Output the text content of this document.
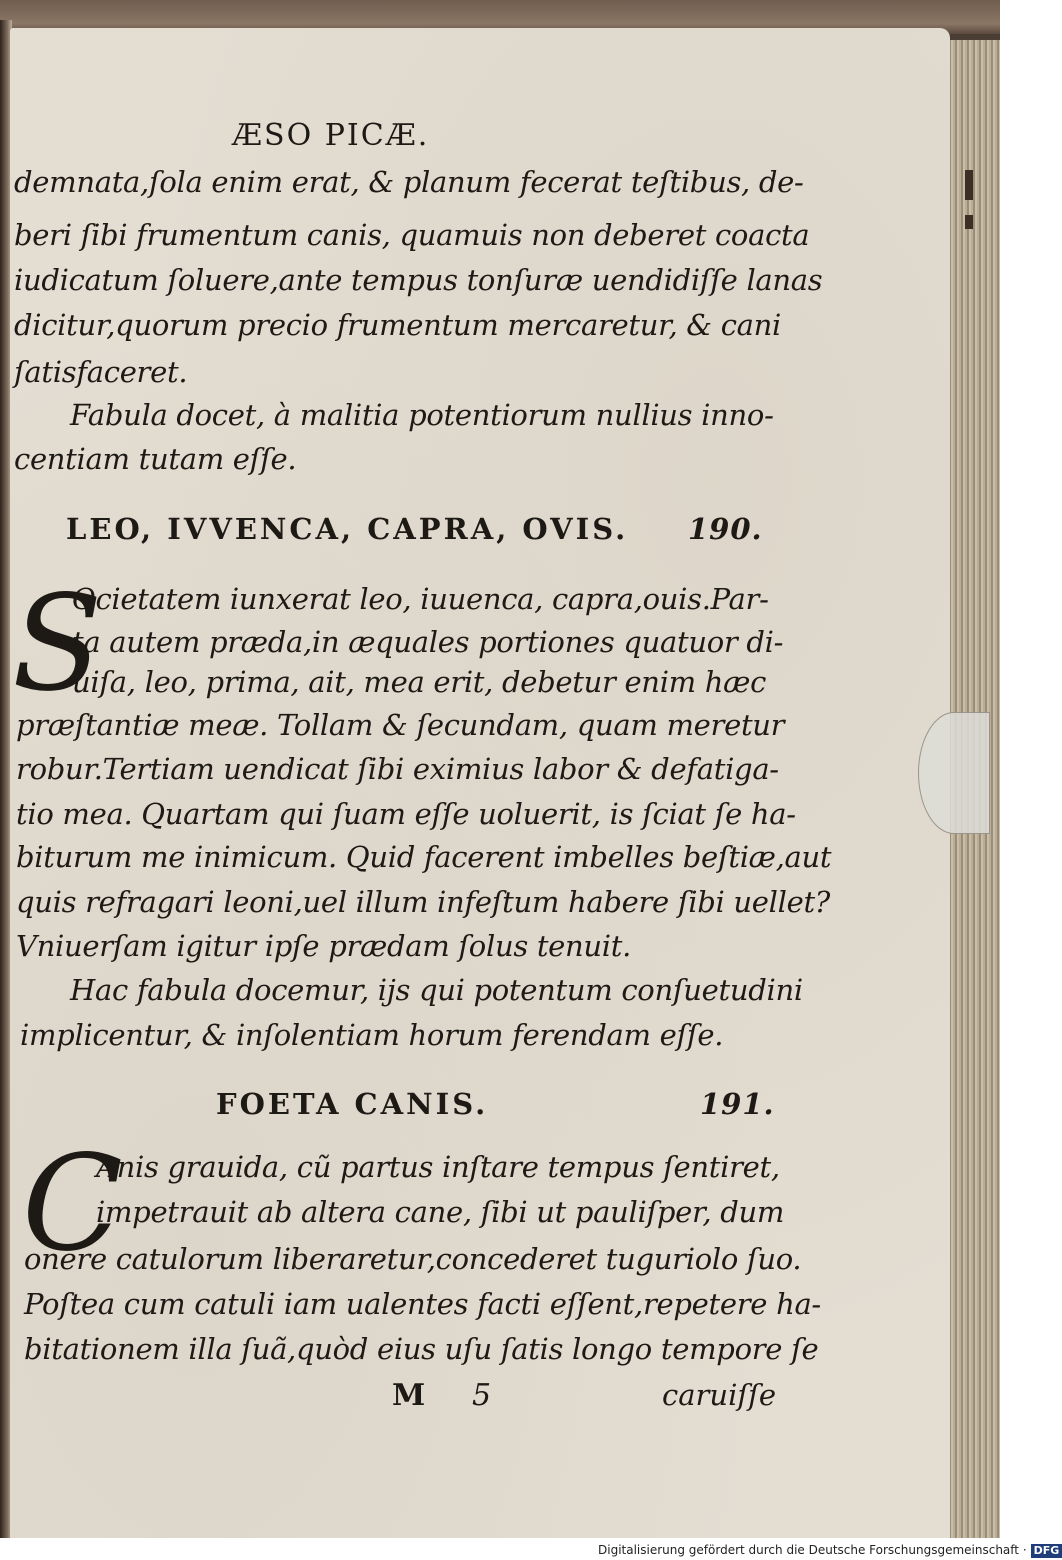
ÆSO PICÆ.
demnata,ſola enim erat, & planum fecerat teſtibus, de-
beri ſibi frumentum canis, quamuis non deberet coacta
iudicatum ſoluere,ante tempus tonſuræ uendidiſſe lanas
dicitur,quorum precio frumentum mercaretur, & cani
ſatisfaceret.
Fabula docet, à malitia potentiorum nullius inno-
centiam tutam eſſe.
LEO, IVVENCA, CAPRA, OVIS. 190.
S
Ocietatem iunxerat leo, iuuenca, capra,ouis.Par-
ta autem præda,in æquales portiones quatuor di-
uiſa, leo, prima, ait, mea erit, debetur enim hæc
præſtantiæ meæ. Tollam & ſecundam, quam meretur
robur.Tertiam uendicat ſibi eximius labor & defatiga-
tio mea. Quartam qui ſuam eſſe uoluerit, is ſciat ſe ha-
biturum me inimicum. Quid facerent imbelles beſtiæ,aut
quis refragari leoni,uel illum infeſtum habere ſibi uellet?
Vniuerſam igitur ipſe prædam ſolus tenuit.
Hac fabula docemur, ijs qui potentum conſuetudini
implicentur, & inſolentiam horum ferendam eſſe.
FOETA CANIS.	191.
C
Anis grauida, cũ partus inſtare tempus ſentiret,
impetrauit ab altera cane, ſibi ut pauliſper, dum
onere catulorum liberaretur,concederet tuguriolo ſuo.
Poſtea cum catuli iam ualentes facti eſſent,repetere ha-
bitationem illa ſuã,quòd eius uſu ſatis longo tempore ſe
M 5	caruiſſe
Digitalisierung gefördert durch die Deutsche Forschungsgemeinschaft · DFG
